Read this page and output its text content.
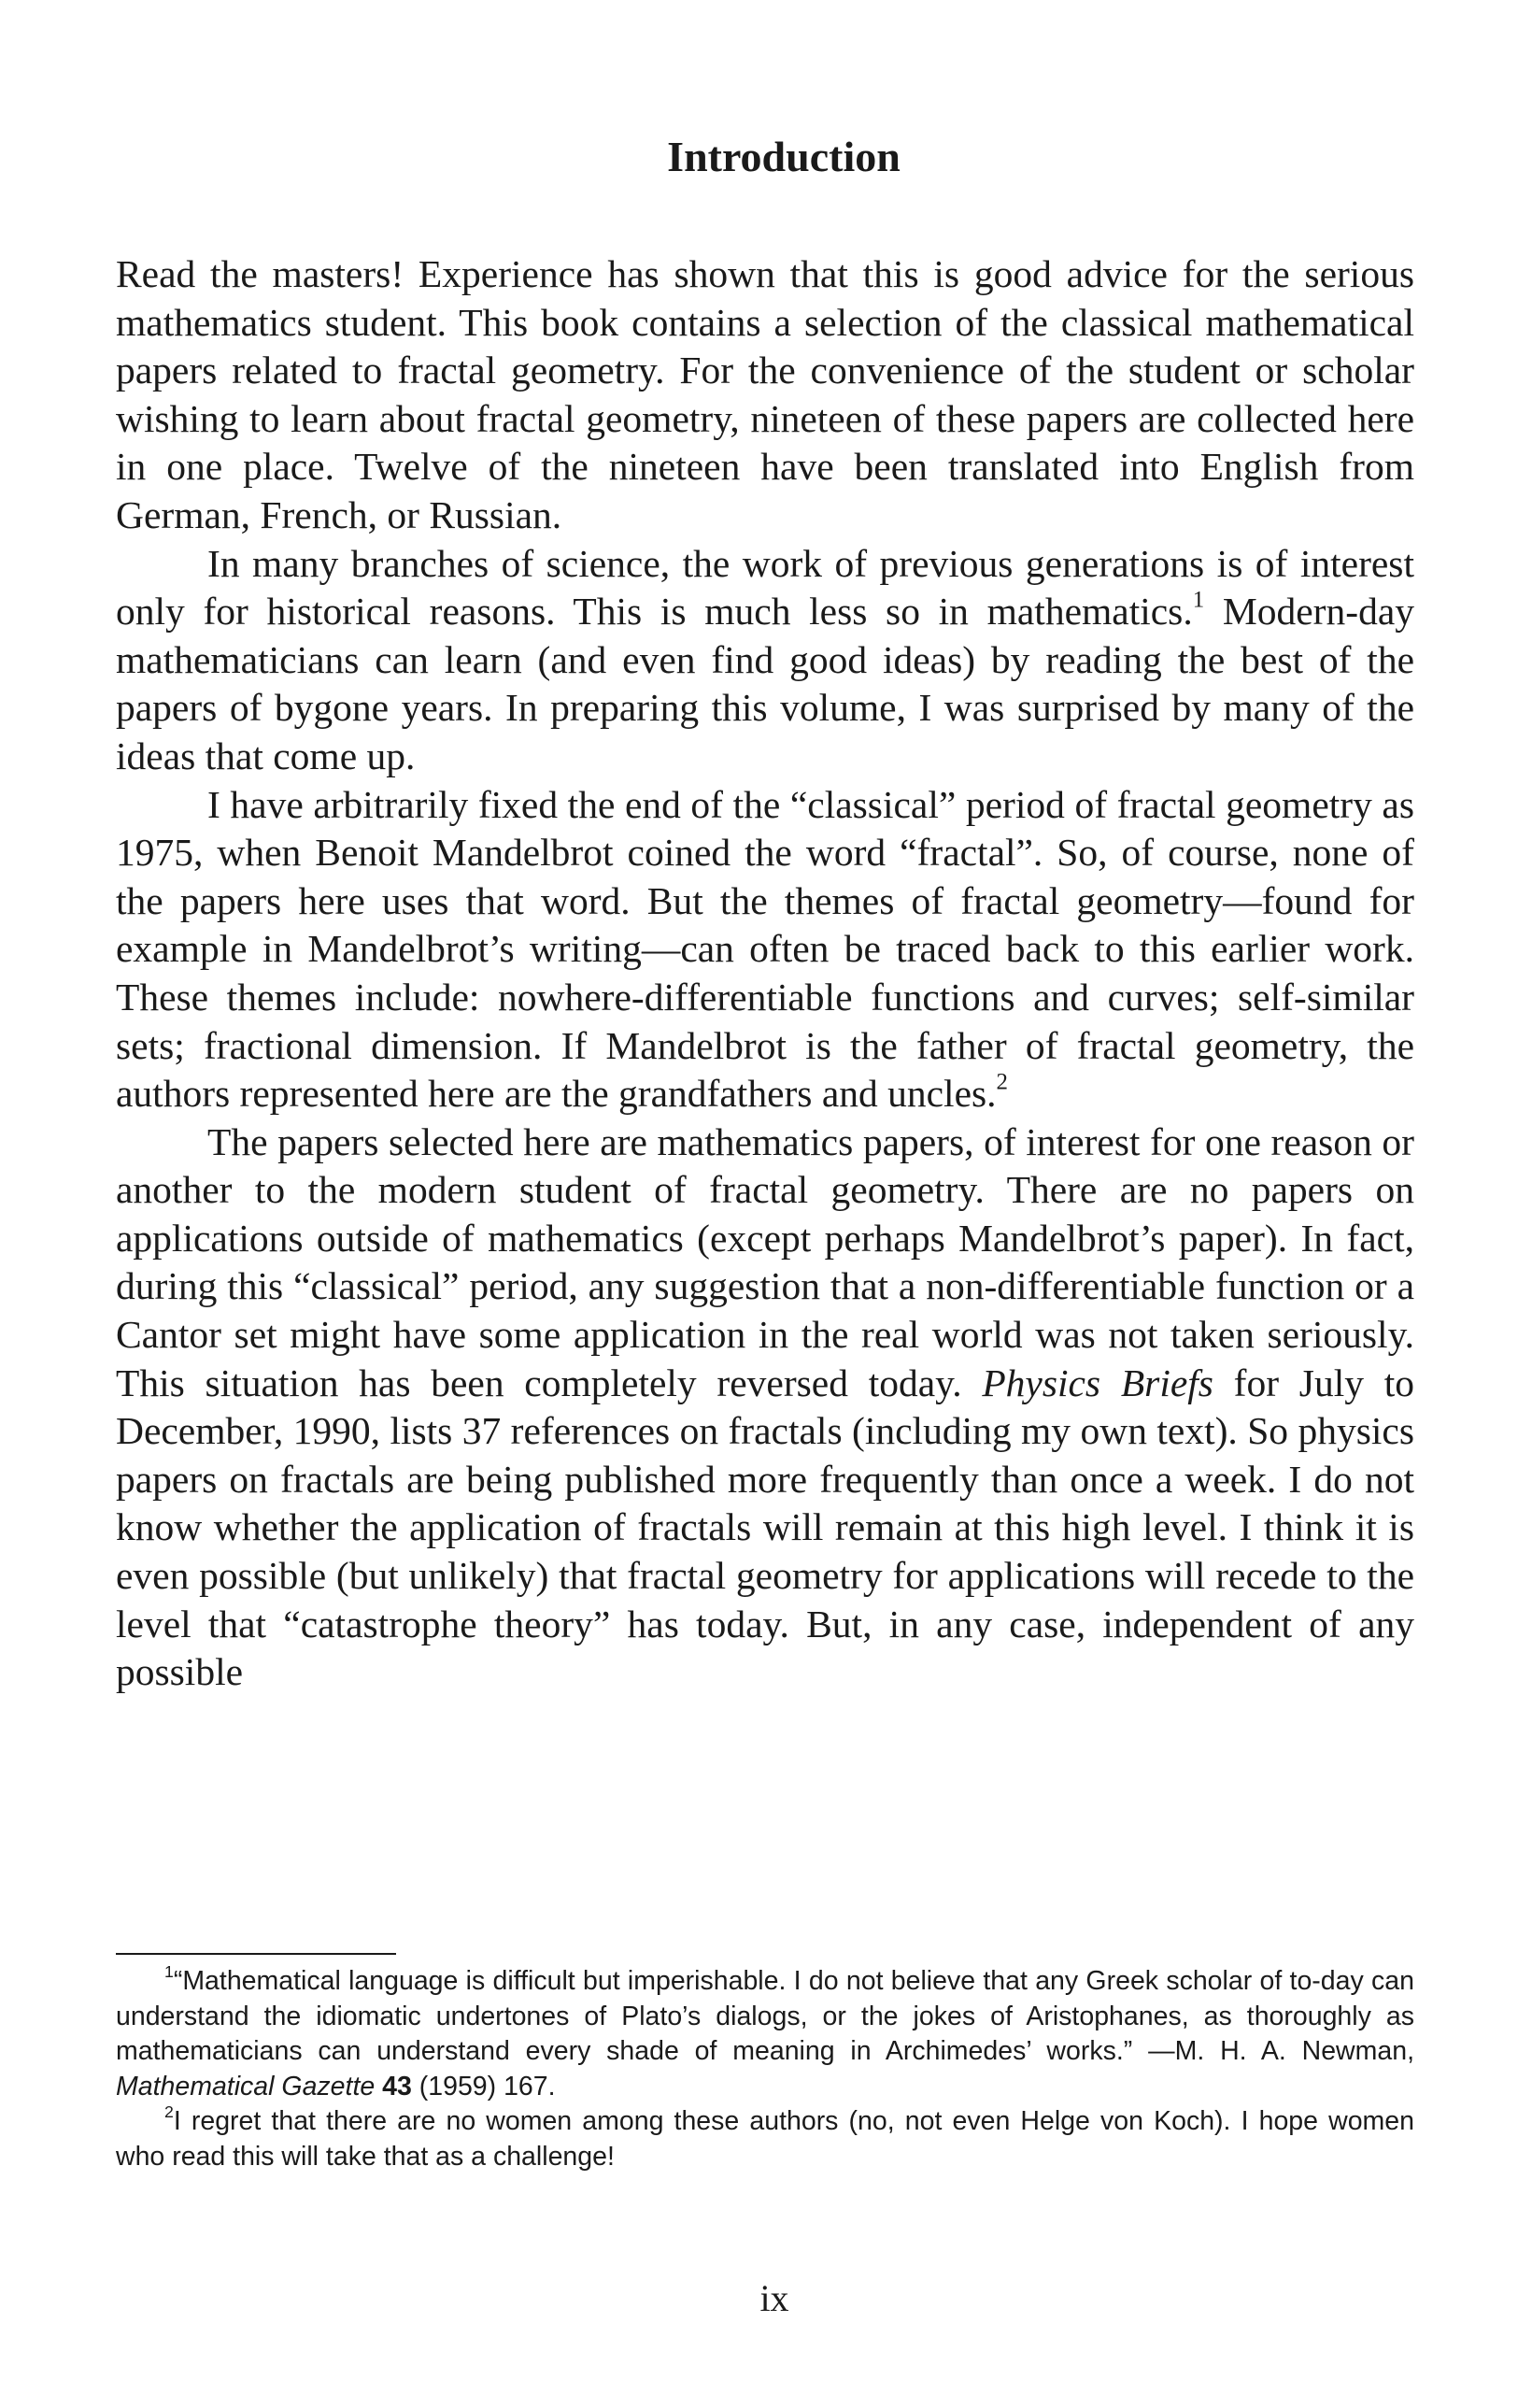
Introduction

Read the masters! Experience has shown that this is good advice for the serious mathematics student. This book contains a selection of the classical mathematical papers related to fractal geometry. For the convenience of the student or scholar wishing to learn about fractal geometry, nineteen of these papers are collected here in one place. Twelve of the nineteen have been translated into English from German, French, or Russian.

In many branches of science, the work of previous generations is of interest only for historical reasons. This is much less so in mathematics.$^1$ Modern-day mathematicians can learn (and even find good ideas) by reading the best of the papers of bygone years. In preparing this volume, I was surprised by many of the ideas that come up.

I have arbitrarily fixed the end of the “classical” period of fractal geometry as 1975, when Benoit Mandelbrot coined the word “fractal”. So, of course, none of the papers here uses that word. But the themes of fractal geometry—found for example in Mandelbrot’s writing—can often be traced back to this earlier work. These themes include: nowhere-differentiable functions and curves; self-similar sets; fractional dimension. If Mandelbrot is the father of fractal geometry, the authors represented here are the grandfathers and uncles.$^2$

The papers selected here are mathematics papers, of interest for one reason or another to the modern student of fractal geometry. There are no papers on applications outside of mathematics (except perhaps Mandelbrot’s paper). In fact, during this “classical” period, any suggestion that a non-differentiable function or a Cantor set might have some application in the real world was not taken seriously. This situation has been completely reversed today. Physics Briefs for July to December, 1990, lists 37 references on fractals (including my own text). So physics papers on fractals are being published more frequently than once a week. I do not know whether the application of fractals will remain at this high level. I think it is even possible (but unlikely) that fractal geometry for applications will recede to the level that “catastrophe theory” has today. But, in any case, independent of any possible

$^1$“Mathematical language is difficult but imperishable. I do not believe that any Greek scholar of to-day can understand the idiomatic undertones of Plato’s dialogs, or the jokes of Aristophanes, as thoroughly as mathematicians can understand every shade of meaning in Archimedes’ works.” —M. H. A. Newman, Mathematical Gazette 43 (1959) 167.

$^2$I regret that there are no women among these authors (no, not even Helge von Koch). I hope women who read this will take that as a challenge!

ix
